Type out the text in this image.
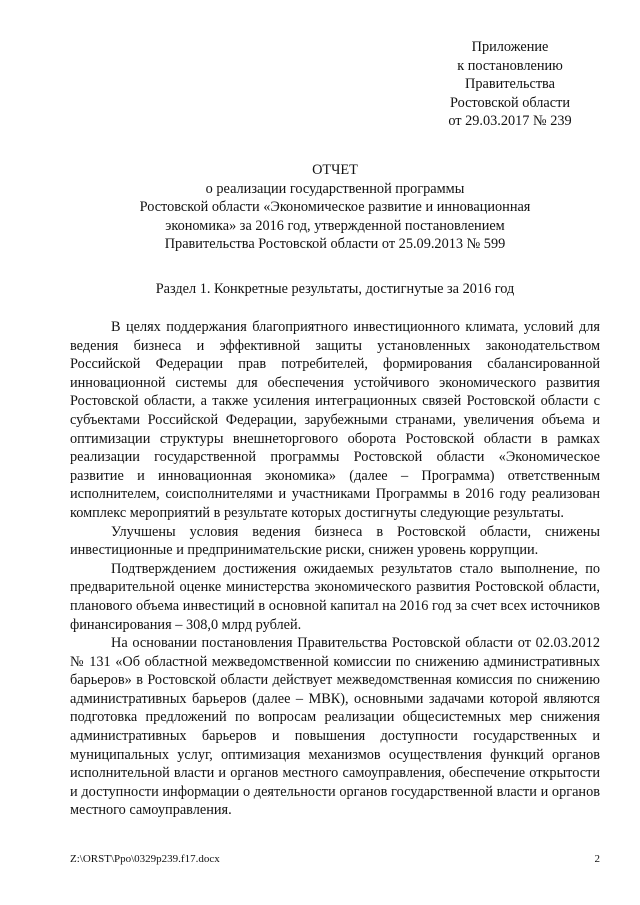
Приложение
к постановлению
Правительства
Ростовской области
от 29.03.2017 № 239
ОТЧЕТ
о реализации государственной программы
Ростовской области «Экономическое развитие и инновационная
экономика» за 2016 год, утвержденной постановлением
Правительства Ростовской области от 25.09.2013 № 599
Раздел 1. Конкретные результаты, достигнутые за 2016 год

В целях поддержания благоприятного инвестиционного климата, условий для ведения бизнеса и эффективной защиты установленных законодательством Российской Федерации прав потребителей, формирования сбалансированной инновационной системы для обеспечения устойчивого экономического развития Ростовской области, а также усиления интеграционных связей Ростовской области с субъектами Российской Федерации, зарубежными странами, увеличения объема и оптимизации структуры внешнеторгового оборота Ростовской области в рамках реализации государственной программы Ростовской области «Экономическое развитие и инновационная экономика» (далее – Программа) ответственным исполнителем, соисполнителями и участниками Программы в 2016 году реализован комплекс мероприятий в результате которых достигнуты следующие результаты.

Улучшены условия ведения бизнеса в Ростовской области, снижены инвестиционные и предпринимательские риски, снижен уровень коррупции.

Подтверждением достижения ожидаемых результатов стало выполнение, по предварительной оценке министерства экономического развития Ростовской области, планового объема инвестиций в основной капитал на 2016 год за счет всех источников финансирования – 308,0 млрд рублей.

На основании постановления Правительства Ростовской области от 02.03.2012 № 131 «Об областной межведомственной комиссии по снижению административных барьеров» в Ростовской области действует межведомственная комиссия по снижению административных барьеров (далее – МВК), основными задачами которой являются подготовка предложений по вопросам реализации общесистемных мер снижения административных барьеров и повышения доступности государственных и муниципальных услуг, оптимизация механизмов осуществления функций органов исполнительной власти и органов местного самоуправления, обеспечение открытости и доступности информации о деятельности органов государственной власти и органов местного самоуправления.

Z:\ORST\Ppo\0329p239.f17.docx	2
